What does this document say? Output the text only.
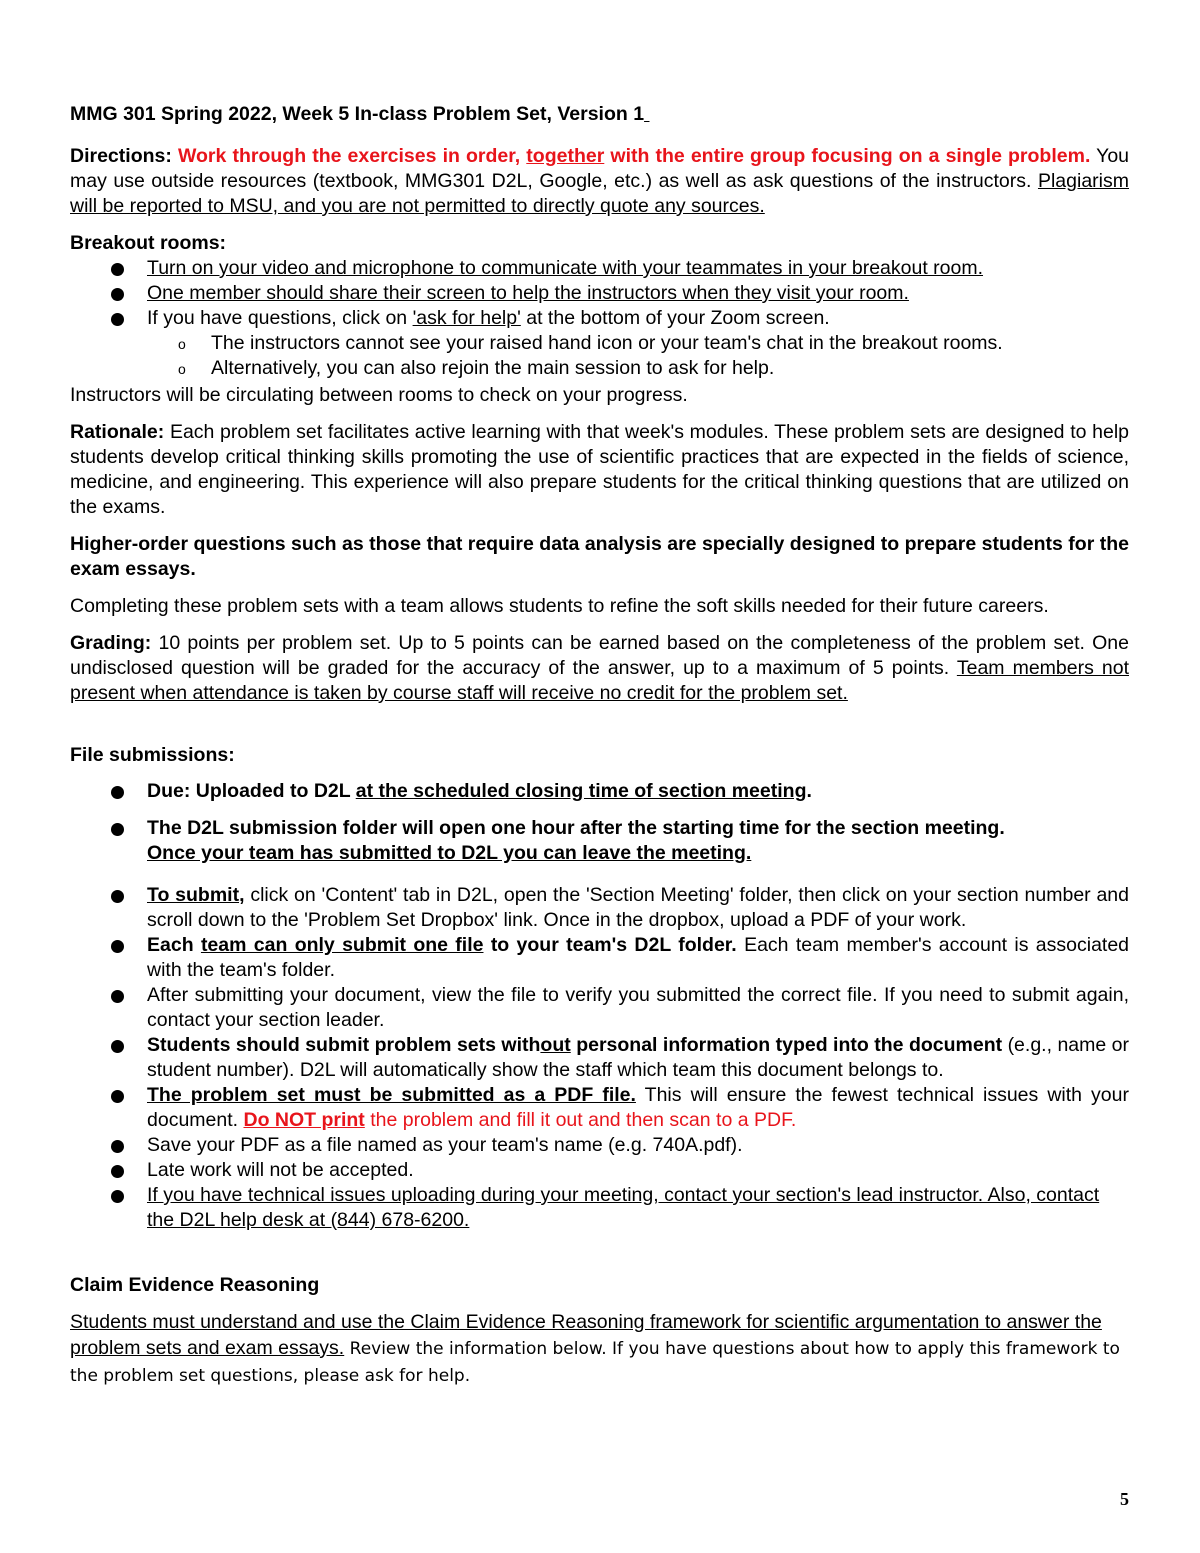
MMG 301 Spring 2022, Week 5 In-class Problem Set, Version 1

Directions: Work through the exercises in order, together with the entire group focusing on a single problem. You may use outside resources (textbook, MMG301 D2L, Google, etc.) as well as ask questions of the instructors. Plagiarism will be reported to MSU, and you are not permitted to directly quote any sources.

Breakout rooms:

Turn on your video and microphone to communicate with your teammates in your breakout room.
One member should share their screen to help the instructors when they visit your room.
If you have questions, click on 'ask for help' at the bottom of your Zoom screen.
o The instructors cannot see your raised hand icon or your team's chat in the breakout rooms.
o Alternatively, you can also rejoin the main session to ask for help.

Instructors will be circulating between rooms to check on your progress.

Rationale: Each problem set facilitates active learning with that week's modules. These problem sets are designed to help students develop critical thinking skills promoting the use of scientific practices that are expected in the fields of science, medicine, and engineering. This experience will also prepare students for the critical thinking questions that are utilized on the exams.

Higher-order questions such as those that require data analysis are specially designed to prepare students for the exam essays.

Completing these problem sets with a team allows students to refine the soft skills needed for their future careers.

Grading: 10 points per problem set. Up to 5 points can be earned based on the completeness of the problem set. One undisclosed question will be graded for the accuracy of the answer, up to a maximum of 5 points. Team members not present when attendance is taken by course staff will receive no credit for the problem set.

File submissions:

Due: Uploaded to D2L at the scheduled closing time of section meeting.
The D2L submission folder will open one hour after the starting time for the section meeting.
Once your team has submitted to D2L you can leave the meeting.
To submit, click on 'Content' tab in D2L, open the 'Section Meeting' folder, then click on your section number and scroll down to the 'Problem Set Dropbox' link. Once in the dropbox, upload a PDF of your work.
Each team can only submit one file to your team's D2L folder. Each team member's account is associated with the team's folder.
After submitting your document, view the file to verify you submitted the correct file. If you need to submit again, contact your section leader.
Students should submit problem sets without personal information typed into the document (e.g., name or student number). D2L will automatically show the staff which team this document belongs to.
The problem set must be submitted as a PDF file. This will ensure the fewest technical issues with your document. Do NOT print the problem and fill it out and then scan to a PDF.
Save your PDF as a file named as your team's name (e.g. 740A.pdf).
Late work will not be accepted.
If you have technical issues uploading during your meeting, contact your section's lead instructor. Also, contact the D2L help desk at (844) 678-6200.

Claim Evidence Reasoning

Students must understand and use the Claim Evidence Reasoning framework for scientific argumentation to answer the problem sets and exam essays. Review the information below. If you have questions about how to apply this framework to the problem set questions, please ask for help.

5
